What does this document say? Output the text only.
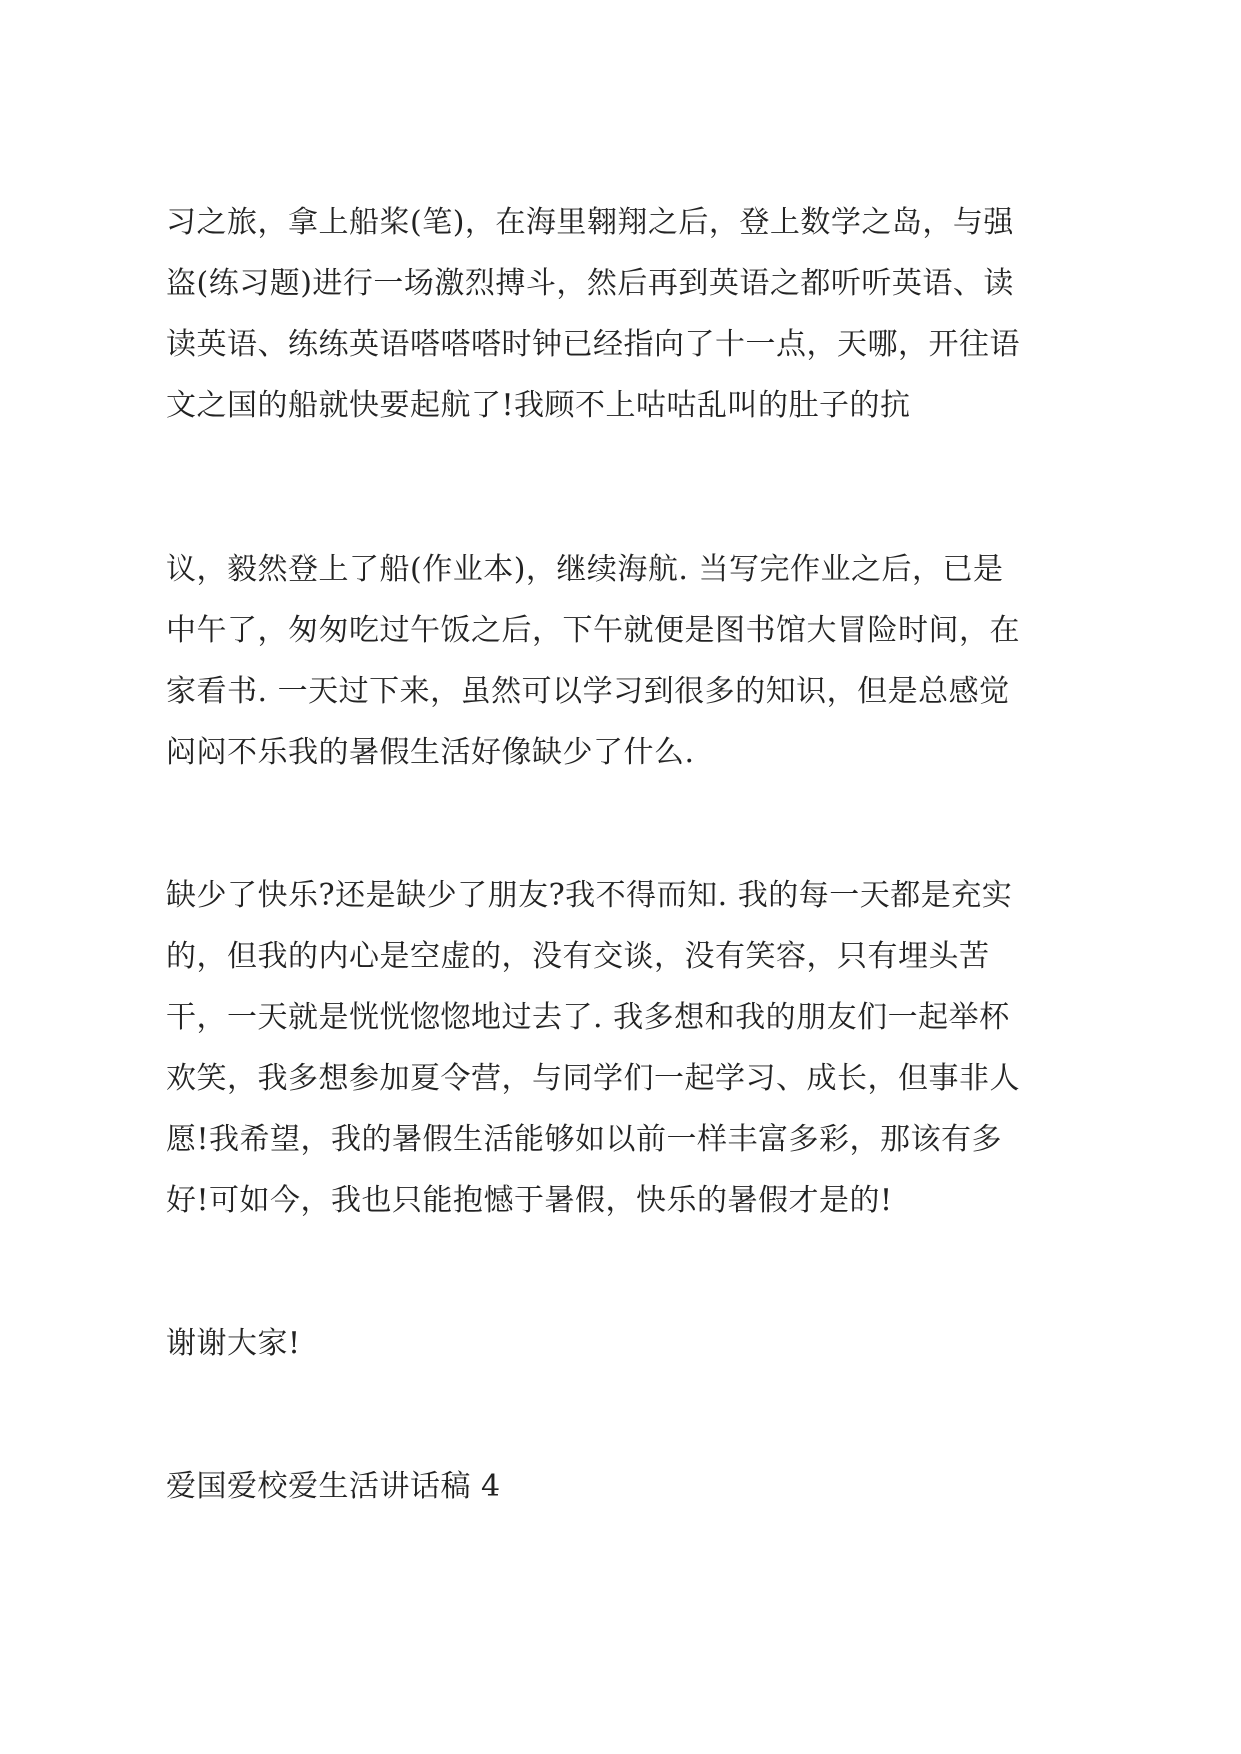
习之旅，拿上船桨(笔)，在海里翱翔之后，登上数学之岛，与强
盗(练习题)进行一场激烈搏斗，然后再到英语之都听听英语、读
读英语、练练英语嗒嗒嗒时钟已经指向了十一点，天哪，开往语
文之国的船就快要起航了!我顾不上咕咕乱叫的肚子的抗
议，毅然登上了船(作业本)，继续海航. 当写完作业之后，已是
中午了，匆匆吃过午饭之后，下午就便是图书馆大冒险时间，在
家看书. 一天过下来，虽然可以学习到很多的知识，但是总感觉
闷闷不乐我的暑假生活好像缺少了什么.
缺少了快乐?还是缺少了朋友?我不得而知. 我的每一天都是充实
的，但我的内心是空虚的，没有交谈，没有笑容，只有埋头苦
干，一天就是恍恍惚惚地过去了. 我多想和我的朋友们一起举杯
欢笑，我多想参加夏令营，与同学们一起学习、成长，但事非人
愿!我希望，我的暑假生活能够如以前一样丰富多彩，那该有多
好!可如今，我也只能抱憾于暑假，快乐的暑假才是的!
谢谢大家!
爱国爱校爱生活讲话稿 4
